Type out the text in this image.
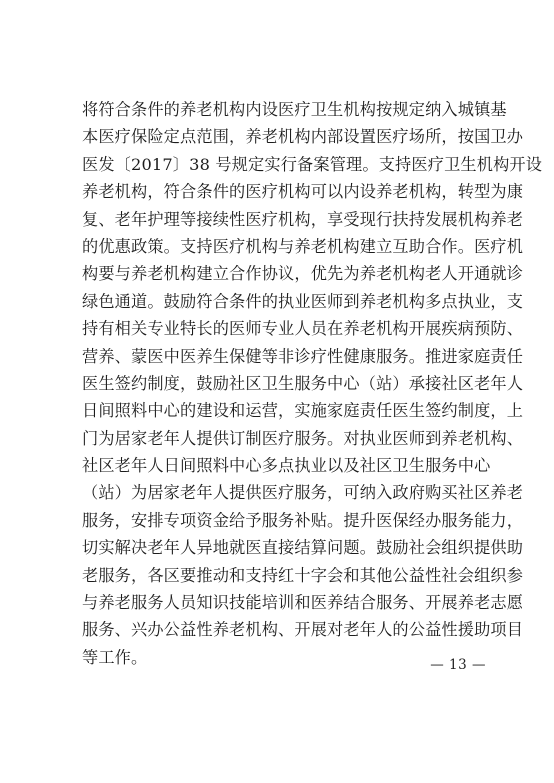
将符合条件的养老机构内设医疗卫生机构按规定纳入城镇基
本医疗保险定点范围，养老机构内部设置医疗场所，按国卫办
医发〔2017〕38 号规定实行备案管理。支持医疗卫生机构开设
养老机构，符合条件的医疗机构可以内设养老机构，转型为康
复、老年护理等接续性医疗机构，享受现行扶持发展机构养老
的优惠政策。支持医疗机构与养老机构建立互助合作。医疗机
构要与养老机构建立合作协议，优先为养老机构老人开通就诊
绿色通道。鼓励符合条件的执业医师到养老机构多点执业，支
持有相关专业特长的医师专业人员在养老机构开展疾病预防、
营养、蒙医中医养生保健等非诊疗性健康服务。推进家庭责任
医生签约制度，鼓励社区卫生服务中心（站）承接社区老年人
日间照料中心的建设和运营，实施家庭责任医生签约制度，上
门为居家老年人提供订制医疗服务。对执业医师到养老机构、
社区老年人日间照料中心多点执业以及社区卫生服务中心
（站）为居家老年人提供医疗服务，可纳入政府购买社区养老
服务，安排专项资金给予服务补贴。提升医保经办服务能力，
切实解决老年人异地就医直接结算问题。鼓励社会组织提供助
老服务，各区要推动和支持红十字会和其他公益性社会组织参
与养老服务人员知识技能培训和医养结合服务、开展养老志愿
服务、兴办公益性养老机构、开展对老年人的公益性援助项目
等工作。	— 13 —
